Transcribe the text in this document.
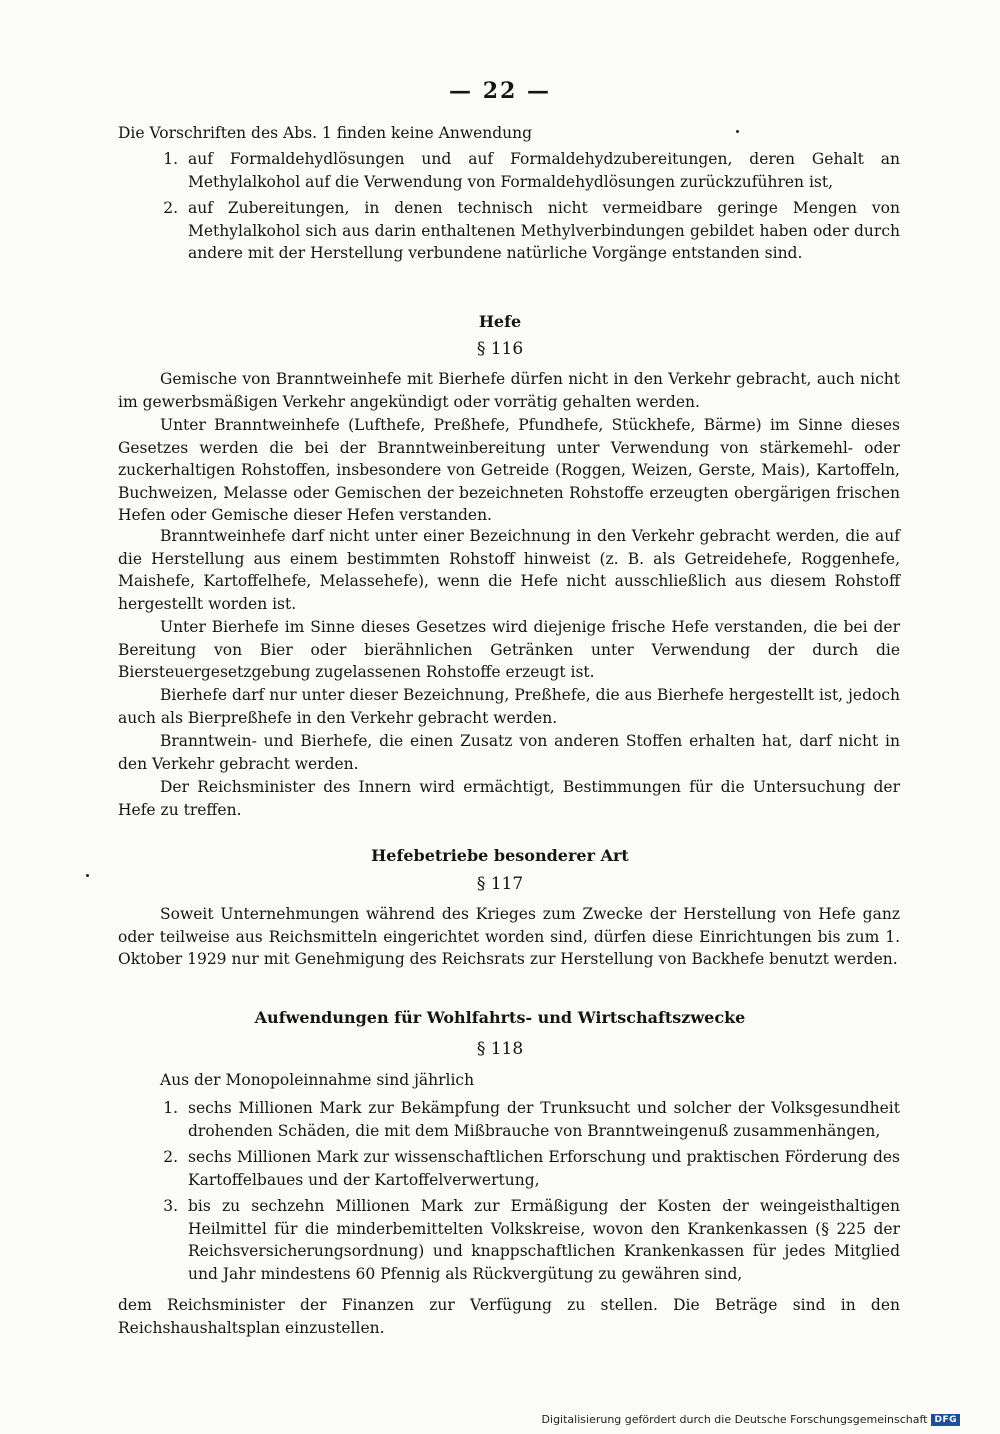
— 22 —
Die Vorschriften des Abs. 1 finden keine Anwendung
1. auf Formaldehydlösungen und auf Formaldehydzubereitungen, deren Gehalt an Methylalkohol auf die Verwendung von Formaldehydlösungen zurückzuführen ist,
2. auf Zubereitungen, in denen technisch nicht vermeidbare geringe Mengen von Methylalkohol sich aus darin enthaltenen Methylverbindungen gebildet haben oder durch andere mit der Herstellung verbundene natürliche Vorgänge entstanden sind.
Hefe
§ 116
Gemische von Branntweinhefe mit Bierhefe dürfen nicht in den Verkehr gebracht, auch nicht im gewerbsmäßigen Verkehr angekündigt oder vorrätig gehalten werden.
Unter Branntweinhefe (Lufthefe, Preßhefe, Pfundhefe, Stückhefe, Bärme) im Sinne dieses Gesetzes werden die bei der Branntweinbereitung unter Verwendung von stärkemehl- oder zuckerhaltigen Rohstoffen, insbesondere von Getreide (Roggen, Weizen, Gerste, Mais), Kartoffeln, Buchweizen, Melasse oder Gemischen der bezeichneten Rohstoffe erzeugten obergärigen frischen Hefen oder Gemische dieser Hefen verstanden.
Branntweinhefe darf nicht unter einer Bezeichnung in den Verkehr gebracht werden, die auf die Herstellung aus einem bestimmten Rohstoff hinweist (z. B. als Getreidehefe, Roggenhefe, Maishefe, Kartoffelhefe, Melassehefe), wenn die Hefe nicht ausschließlich aus diesem Rohstoff hergestellt worden ist.
Unter Bierhefe im Sinne dieses Gesetzes wird diejenige frische Hefe verstanden, die bei der Bereitung von Bier oder bierähnlichen Getränken unter Verwendung der durch die Biersteuergesetzgebung zugelassenen Rohstoffe erzeugt ist.
Bierhefe darf nur unter dieser Bezeichnung, Preßhefe, die aus Bierhefe hergestellt ist, jedoch auch als Bierpreßhefe in den Verkehr gebracht werden.
Branntwein- und Bierhefe, die einen Zusatz von anderen Stoffen erhalten hat, darf nicht in den Verkehr gebracht werden.
Der Reichsminister des Innern wird ermächtigt, Bestimmungen für die Untersuchung der Hefe zu treffen.
Hefebetriebe besonderer Art
§ 117
Soweit Unternehmungen während des Krieges zum Zwecke der Herstellung von Hefe ganz oder teilweise aus Reichsmitteln eingerichtet worden sind, dürfen diese Einrichtungen bis zum 1. Oktober 1929 nur mit Genehmigung des Reichsrats zur Herstellung von Backhefe benutzt werden.
Aufwendungen für Wohlfahrts- und Wirtschaftszwecke
§ 118
Aus der Monopoleinnahme sind jährlich
1. sechs Millionen Mark zur Bekämpfung der Trunksucht und solcher der Volksgesundheit drohenden Schäden, die mit dem Mißbrauche von Branntweingenuß zusammenhängen,
2. sechs Millionen Mark zur wissenschaftlichen Erforschung und praktischen Förderung des Kartoffelbaues und der Kartoffelverwertung,
3. bis zu sechzehn Millionen Mark zur Ermäßigung der Kosten der weingeisthaltigen Heilmittel für die minderbemittelten Volkskreise, wovon den Krankenkassen (§ 225 der Reichsversicherungsordnung) und knappschaftlichen Krankenkassen für jedes Mitglied und Jahr mindestens 60 Pfennig als Rückvergütung zu gewähren sind,
dem Reichsminister der Finanzen zur Verfügung zu stellen. Die Beträge sind in den Reichshaushaltsplan einzustellen.
Digitalisierung gefördert durch die Deutsche Forschungsgemeinschaft DFG
